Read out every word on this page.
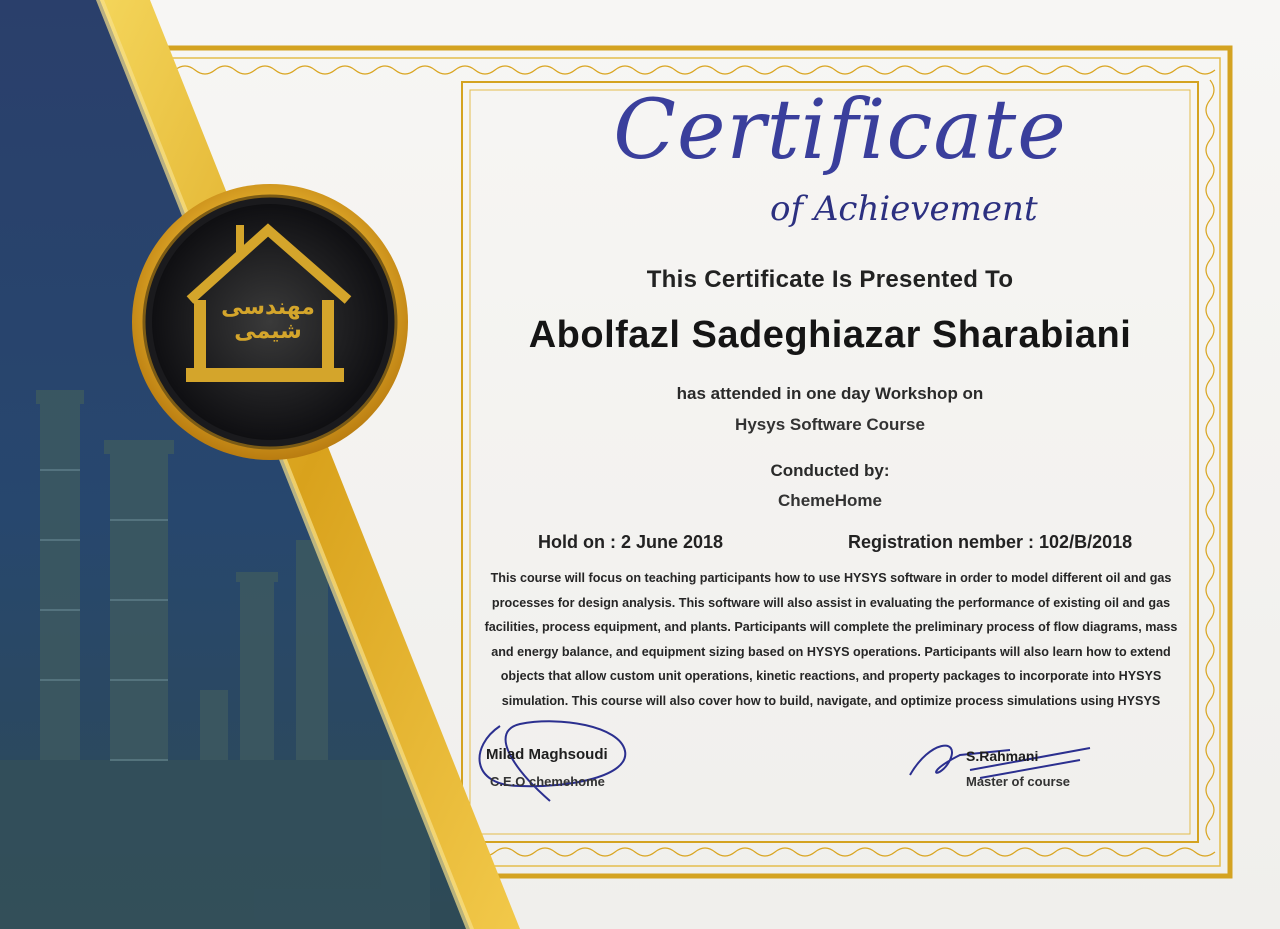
مهندسی
شیمی
Certificate
of Achievement
This Certificate Is Presented To
Abolfazl Sadeghiazar Sharabiani
has attended in one day Workshop on
Hysys Software Course
Conducted by:
ChemeHome
Hold on : 2 June 2018	Registration nember : 102/B/2018
This course will focus on teaching participants how to use HYSYS software in order to model different oil and gas processes for design analysis. This software will also assist in evaluating the performance of existing oil and gas facilities, process equipment, and plants. Participants will complete the preliminary process of flow diagrams, mass and energy balance, and equipment sizing based on HYSYS operations. Participants will also learn how to extend objects that allow custom unit operations, kinetic reactions, and property packages to incorporate into HYSYS simulation. This course will also cover how to build, navigate, and optimize process simulations using HYSYS
Milad Maghsoudi
C.E.O chemehome
S.Rahmani
Master of course
